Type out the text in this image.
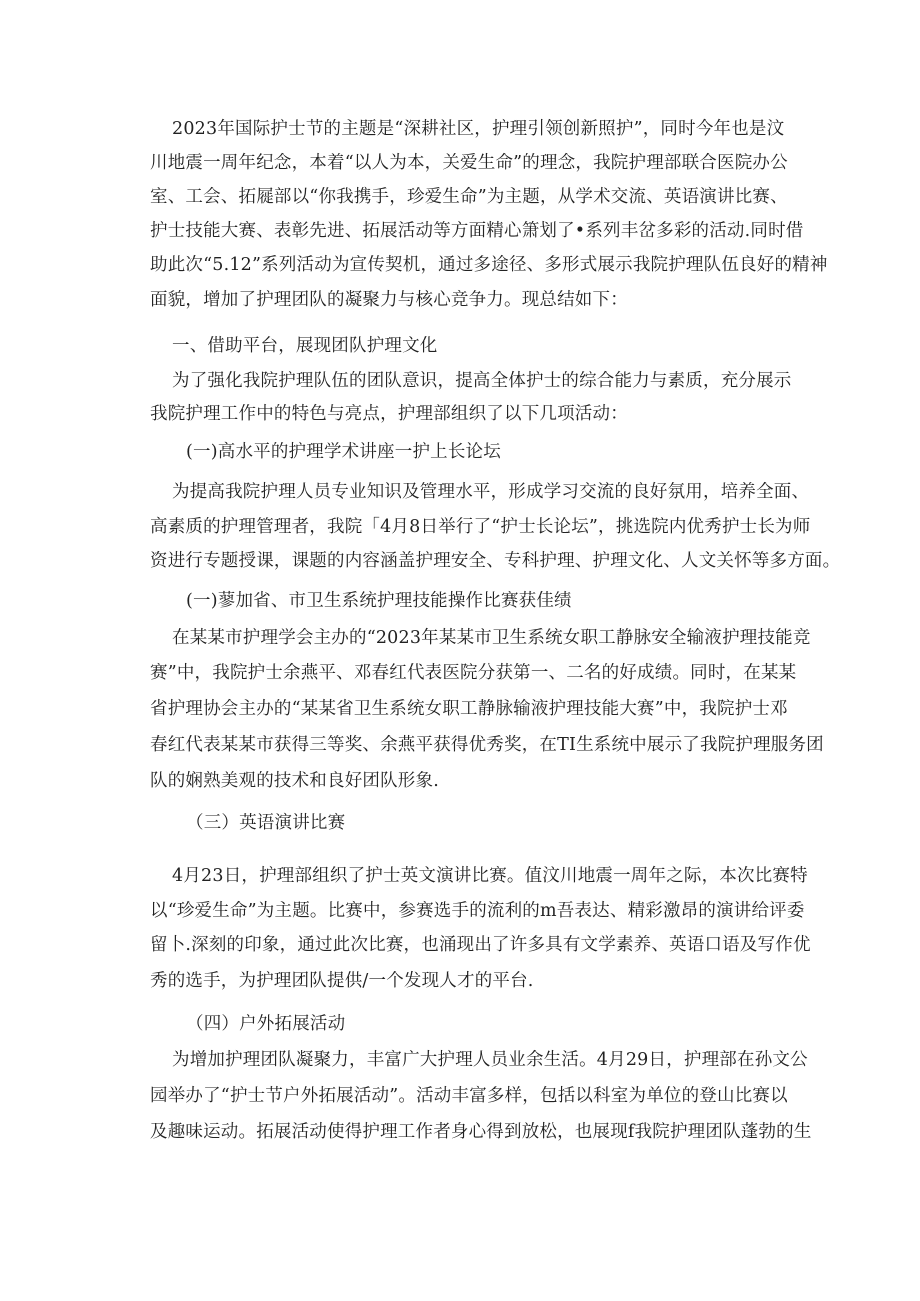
2023年国际护士节的主题是“深耕社区，护理引领创新照护”，同时今年也是汶
川地震一周年纪念，本着“以人为本，关爱生命”的理念，我院护理部联合医院办公
室、工会、拓屣部以“你我携手，珍爱生命”为主题，从学术交流、英语演讲比赛、
护士技能大赛、表彰先进、拓展活动等方面精心箫划了•系列丰岔多彩的活动.同时借
助此次“5.12”系列活动为宣传契机，通过多途径、多形式展示我院护理队伍良好的精神
面貌，增加了护理团队的凝聚力与核心竞争力。现总结如下：
一、借助平台，展现团队护理文化
为了强化我院护理队伍的团队意识，提高全体护士的综合能力与素质，充分展示
我院护理工作中的特色与亮点，护理部组织了以下几项活动：
(一)高水平的护理学术讲座一护上长论坛
为提高我院护理人员专业知识及管理水平，形成学习交流的良好氛用，培养全面、
高素质的护理管理者，我院「4月8日举行了“护士长论坛”，挑选院内优秀护士长为师
资进行专题授课，课题的内容涵盖护理安全、专科护理、护理文化、人文关怀等多方面。
(一)蓼加省、市卫生系统护理技能操作比赛获佳绩
在某某市护理学会主办的“2023年某某市卫生系统女职工静脉安全输液护理技能竞
赛”中，我院护士余燕平、邓春红代表医院分获第一、二名的好成绩。同时，在某某
省护理协会主办的“某某省卫生系统女职工静脉输液护理技能大赛”中，我院护士邓
春红代表某某市获得三等奖、余燕平获得优秀奖，在TI生系统中展示了我院护理服务团
队的娴熟美观的技术和良好团队形象.
（三）英语演讲比赛
4月23日，护理部组织了护士英文演讲比赛。值汶川地震一周年之际，本次比赛特
以“珍爱生命”为主题。比赛中，参赛选手的流利的m吾表达、精彩激昂的演讲给评委
留卜.深刻的印象，通过此次比赛，也涌现出了许多具有文学素养、英语口语及写作优
秀的选手，为护理团队提供/一个发现人才的平台.
（四）户外拓展活动
为增加护理团队凝聚力，丰富广大护理人员业余生活。4月29日，护理部在孙文公
园举办了“护士节户外拓展活动”。活动丰富多样，包括以科室为单位的登山比赛以
及趣味运动。拓展活动使得护理工作者身心得到放松，也展现f我院护理团队蓬勃的生
